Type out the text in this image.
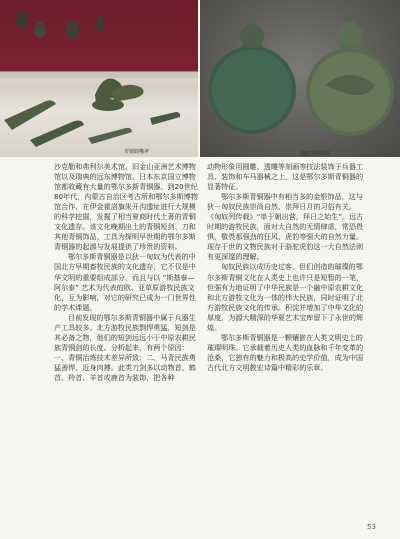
青铜鹤嘴斧	骆驼虎纹铜镜

沙克勒和弗利尔美术馆、旧金山亚洲艺术博物馆以及瑞典的远东博物馆、日本东京国立博物馆都收藏有大量的鄂尔多斯青铜器。到20世纪80年代，内蒙古自治区考古所和鄂尔多斯博物馆合作，在伊金霍洛旗朱开沟遗址进行大规模的科学挖掘，发掘了相当夏商时代土著的青铜文化遗存。该文化晚期出土的青铜短剑、刀和其他青铜饰品、工具为探明早世期的鄂尔多斯青铜器的起源与发展提供了珍贵的资料。

鄂尔多斯青铜器是以狄－匈奴为代表的中国北方早期畜牧民族的文化遗存，它不仅是中华文明的重要组成部分，而且与以 “斯基泰—阿尔泰” 艺术为代表的欧、亚草原游牧民族文化，互为影响，对它的研究已成为一门世界性的学术课题。

目前发现的鄂尔多斯青铜器中属于兵器生产工具较多。北方游牧民族剽悍勇猛，短剑是其必备之物，他们的短剑远远小于中原农耕民族青铜剑的长度。分析起来，有两个原因：一、青铜冶炼技术差异所致；二、马背民族勇猛善悍、近身肉搏。此类刀剑多以动物首、鹤首、羚首、羊首或鹿首为装饰，把各种

动物形象用圆雕、透雕等刻画等技法装饰于兵器工具、装饰和车马器械之上，这是鄂尔多斯青铜器的显著特征。

鄂尔多斯青铜器中有相当多的金银饰品，这与狄－匈奴民族崇尚自然、崇拜日月的习俗有关。《匈奴列传载》“单于朝出营，拜日之始生”。远古时期的游牧民族，面对大自然的无情肆虐，常恐畏惧，敬畏那强劲的狂风、虎豹等强大的自然力量。现存于世的文物民族对于骆驼虎豹这一大自然法则有更深邃的理解。

匈奴民族以成历史过客，但们创造的璀璨的鄂尔多斯青铜文化在人类史上也许只是短暂的一笔，但强有力地证明了中华民族是一个融中原农耕文化和北方游牧文化为一体的伟大民族，同时证明了北方游牧民族文化的传承。积淀并增加了中华文化的厚度，为源大精深的华夏艺术宝库留下了永世的辉煌。

鄂尔多斯青铜器是一颗镶嵌在人类文明史上的璀璨明珠。它承载着历史人类的血脉和千年变革的沧桑，它独有的魅力和极高的史学价值，成为中国古代北方文明教宏诗篇中精彩的乐章。

53
